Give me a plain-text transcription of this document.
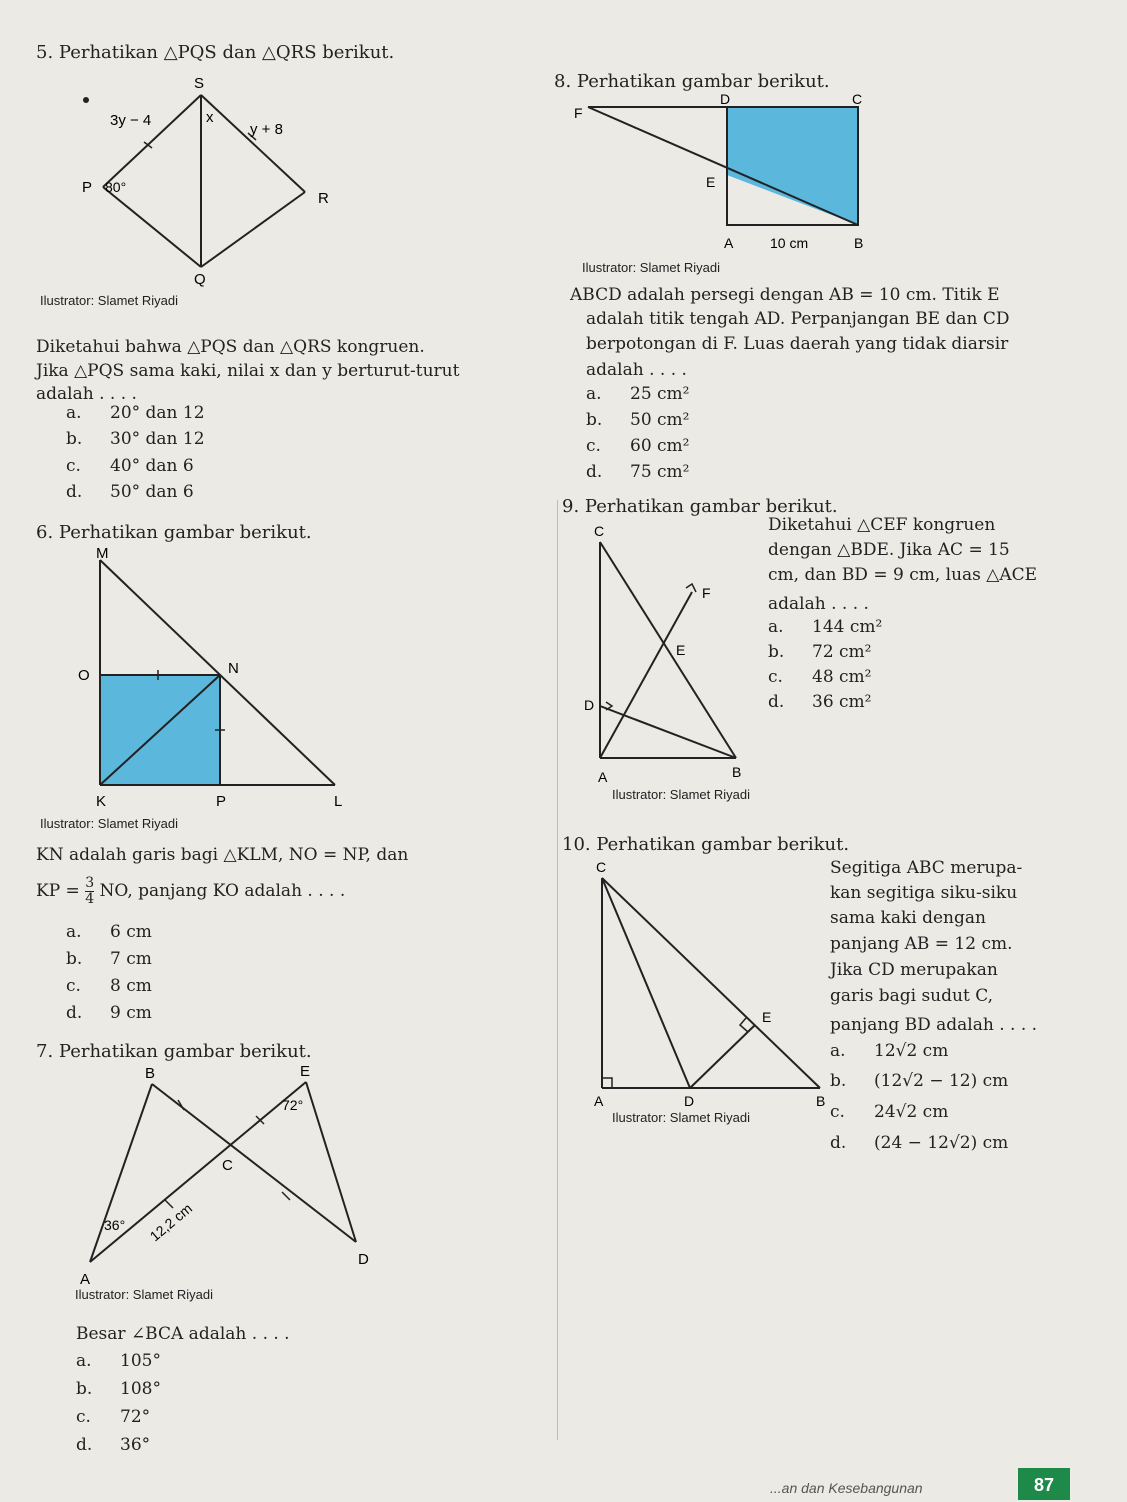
5. Perhatikan △PQS dan △QRS berikut.
S
P
Q
R
3y − 4	x
y + 8
80°
Ilustrator: Slamet Riyadi
Diketahui bahwa △PQS dan △QRS kongruen.
Jika △PQS sama kaki, nilai x dan y berturut-turut
adalah . . . .
a. 20° dan 12
b. 30° dan 12
c. 40° dan 6
d. 50° dan 6
6. Perhatikan gambar berikut.
M
O	N
K	P	L
Ilustrator: Slamet Riyadi
KN adalah garis bagi △KLM, NO = NP, dan
KP = $\frac{3}{4}$ NO, panjang KO adalah . . . .
a. 6 cm
b. 7 cm
c. 8 cm
d. 9 cm
7. Perhatikan gambar berikut.
B	E
C
A
D
72°
36° 12,2 cm
Ilustrator: Slamet Riyadi
Besar ∠BCA adalah . . . .
a. 105°
b. 108°
c. 72°
d. 36°
8. Perhatikan gambar berikut.
F
D	C
E
A	10 cm	B
Ilustrator: Slamet Riyadi
ABCD adalah persegi dengan AB = 10 cm. Titik E
adalah titik tengah AD. Perpanjangan BE dan CD
berpotongan di F. Luas daerah yang tidak diarsir
adalah . . . .
a. 25 cm²
b. 50 cm²
c. 60 cm²
d. 75 cm²
9. Perhatikan gambar berikut.
C
F
E
D
A	B
Ilustrator: Slamet Riyadi
Diketahui △CEF kongruen
dengan △BDE. Jika AC = 15
cm, dan BD = 9 cm, luas △ACE
adalah . . . .
a. 144 cm²
b. 72 cm²
c. 48 cm²
d. 36 cm²
10. Perhatikan gambar berikut.
C
E
A	D	B
Ilustrator: Slamet Riyadi
Segitiga ABC merupa-
kan segitiga siku-siku
sama kaki dengan
panjang AB = 12 cm.
Jika CD merupakan
garis bagi sudut C,
panjang BD adalah . . . .
a. 12√2 cm
b. (12√2 − 12) cm
c. 24√2 cm
d. (24 − 12√2) cm
...an dan Kesebangunan	87
